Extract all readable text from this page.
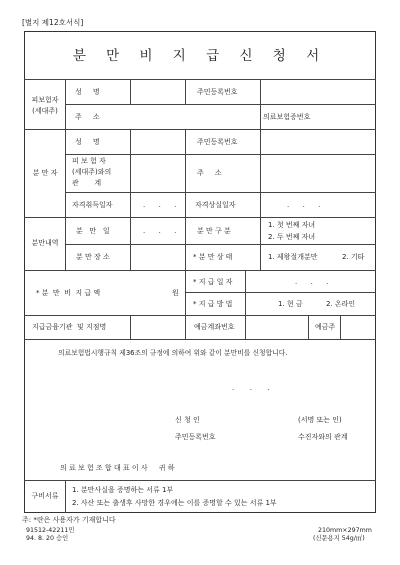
[별지 제12호서식]
분 만 비 지 급 신 청 서
피보험자
(세대주)
성     명	주민등록번호
주     소	의료보험증번호
분 만 자
성     명	주민등록번호
피 보 험 자
(세대주)와의
관       계
주     소
자격취득일자	.      .      .	자격상실일자	.      .      .
분만내역
분   만   일	.      .      .	분 만 구 분
1. 첫 번째 자녀
2. 두 번째 자녀
분 만 장 소	* 분 만 상 태	1. 제왕절개분만	2. 기타
* 분  만  비  지 급 액	원
* 지 급 일 자	.      .      .
* 지 급 방 법	1. 현 금	2. 온라인
지급금융기관  및 지점명	예금계좌번호	예금주
의료보험법시행규칙 제36조의 규정에 의하여 위와 같이 분만비를 신청합니다.
.       .       .
신 청 인	(서명 또는 인)
주민등록번호	수진자와의 관계
의 료 보 험 조 합 대 표 이 사     귀 하
구비서류
1. 분만사실을 증명하는 서류 1부
2. 사산 또는 출생후 사망한 경우에는 이를 증명할 수 있는 서류 1부
주: *란은 사용자가 기재합니다
91512-42211민
94. 8. 20 승인
210mm×297mm
(신문용지 54g/㎡)
